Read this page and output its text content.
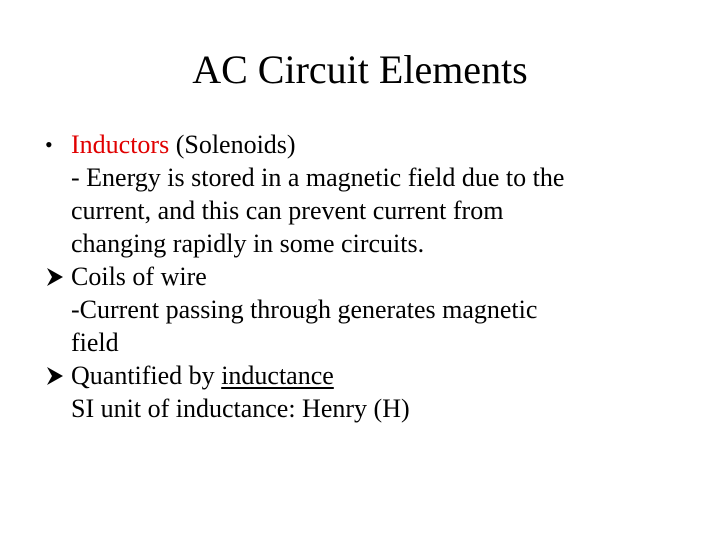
AC Circuit Elements
• Inductors (Solenoids)
- Energy is stored in a magnetic field due to the
current, and this can prevent current from
changing rapidly in some circuits.
Coils of wire
-Current passing through generates magnetic
field
Quantified by inductance
SI unit of inductance: Henry (H)
